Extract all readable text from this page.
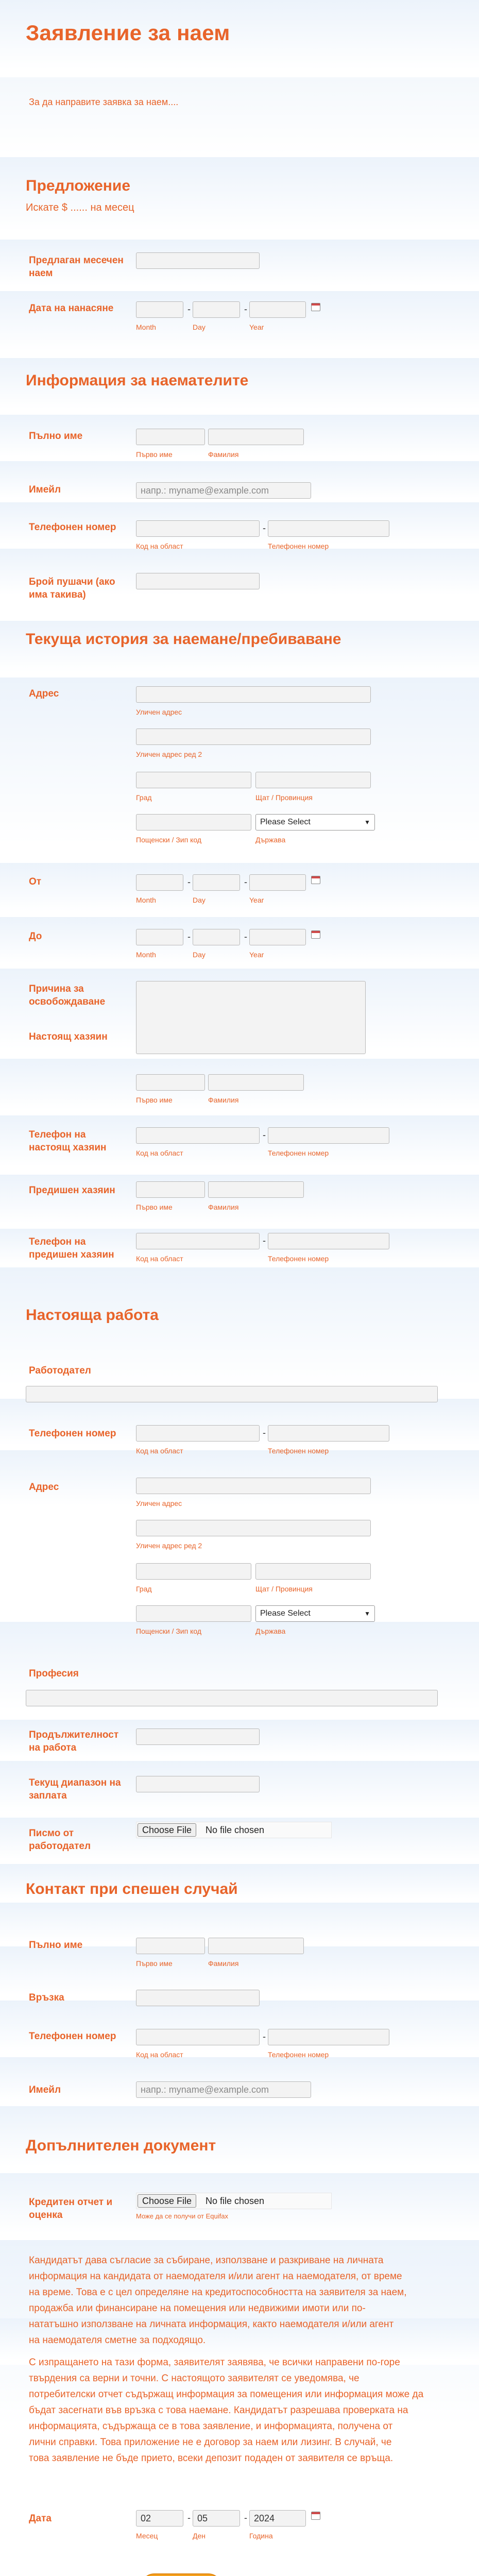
Заявление за наем
За да направите заявка за наем....
Предложение
Искате $ ...... на месец
Предлаган месечен наем
Дата на нанасяне	-	-
Month	Day	Year
Информация за наемателите
Пълно име
Първо име	Фамилия
Имейл	напр.: myname@example.com
Телефонен номер	-
Код на област	Телефонен номер
Брой пушачи (ако има такива)
Текуща история за наемане/пребиваване
Адрес
Уличен адрес
Уличен адрес ред 2
Град	Щат / Провинция
Please Select	▼
Пощенски / Зип код	Държава
От	-	-
Month	Day	Year
До	-	-
Month	Day	Year
Причина за освобождаване
Настоящ хазяин
Първо име	Фамилия
Телефон на настоящ хазяин
-
Код на област	Телефонен номер
Предишен хазяин
Първо име	Фамилия
Телефон на предишен хазяин
-
Код на област	Телефонен номер
Настояща работа
Работодател
Телефонен номер	-
Код на област	Телефонен номер
Адрес
Уличен адрес
Уличен адрес ред 2
Град	Щат / Провинция
Please Select	▼
Пощенски / Зип код	Държава
Професия
Продължителност на работа
Текущ диапазон на заплата
Писмо от работодател
Choose File	No file chosen
Контакт при спешен случай
Пълно име
Първо име	Фамилия
Връзка
Телефонен номер	-
Код на област	Телефонен номер
Имейл	напр.: myname@example.com
Допълнителен документ
Кредитен отчет и оценка
Choose File	No file chosen
Може да се получи от Equifax
Кандидатът дава съгласие за събиране, използване и разкриване на личната
информация на кандидата от наемодателя и/или агент на наемодателя, от време
на време. Това е с цел определяне на кредитоспособността на заявителя за наем,
продажба или финансиране на помещения или недвижими имоти или по-
нататъшно използване на личната информация, както наемодателя и/или агент
на наемодателя сметне за подходящо.
С изпращането на тази форма, заявителят заявява, че всички направени по-горе
твърдения са верни и точни. С настоящото заявителят се уведомява, че
потребителски отчет съдържащ информация за помещения или информация може да
бъдат засегнати във връзка с това наемане. Кандидатът разрешава проверката на
информацията, съдържаща се в това заявление, и информацията, получена от
лични справки. Това приложение не е договор за наем или лизинг. В случай, че
това заявление не бъде прието, всеки депозит подаден от заявителя се връща.
Дата	02	- 05	- 2024
Месец	Ден	Година
